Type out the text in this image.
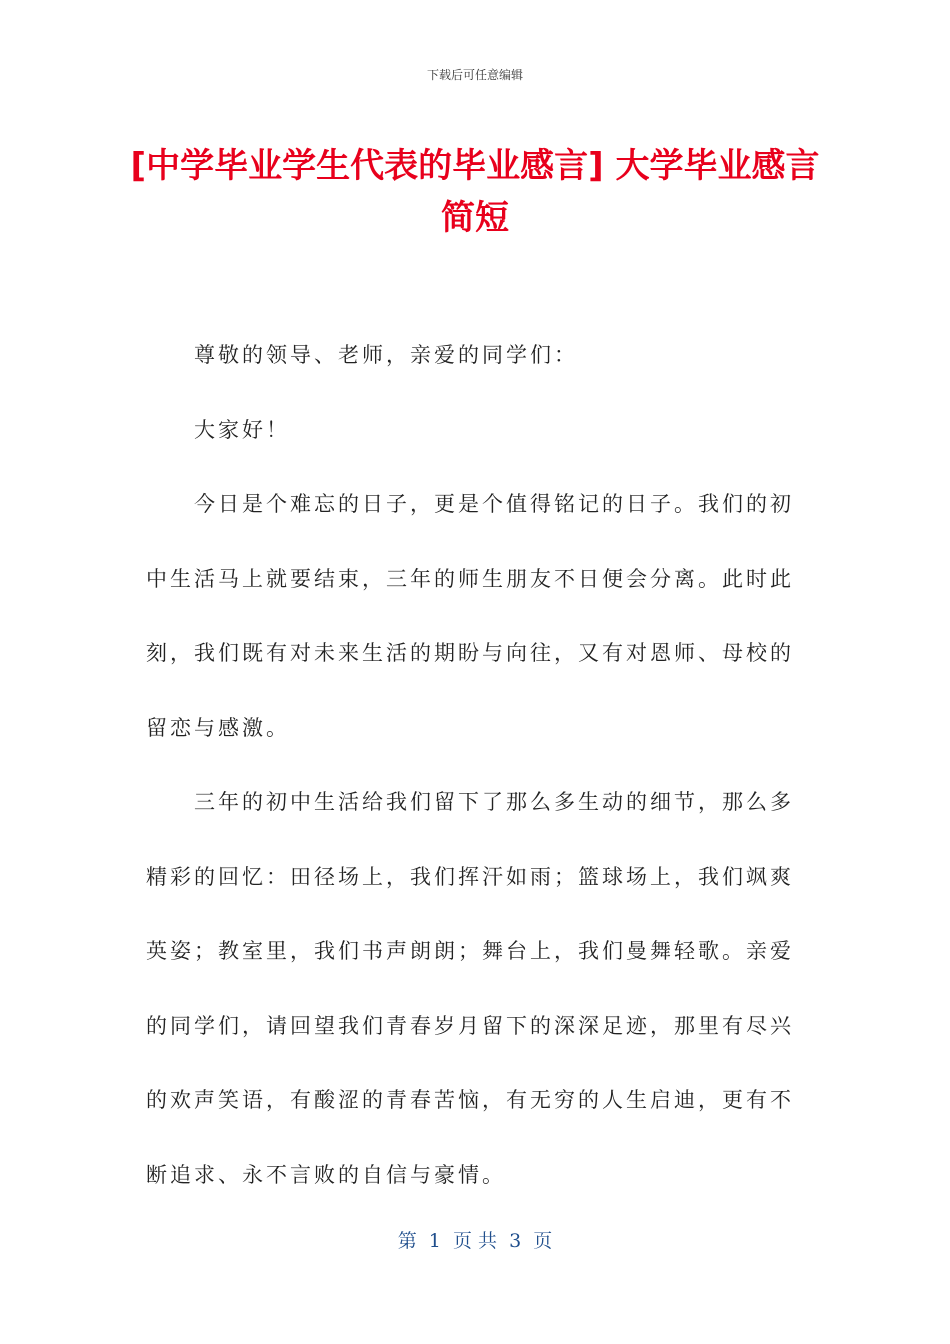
下载后可任意编辑
[中学毕业学生代表的毕业感言] 大学毕业感言简短

尊敬的领导、老师，亲爱的同学们：

大家好！

今日是个难忘的日子，更是个值得铭记的日子。我们的初中生活马上就要结束，三年的师生朋友不日便会分离。此时此刻，我们既有对未来生活的期盼与向往，又有对恩师、母校的留恋与感激。

三年的初中生活给我们留下了那么多生动的细节，那么多精彩的回忆：田径场上，我们挥汗如雨；篮球场上，我们飒爽英姿；教室里，我们书声朗朗；舞台上，我们曼舞轻歌。亲爱的同学们，请回望我们青春岁月留下的深深足迹，那里有尽兴的欢声笑语，有酸涩的青春苦恼，有无穷的人生启迪，更有不断追求、永不言败的自信与豪情。

第  1  页 共  3  页
